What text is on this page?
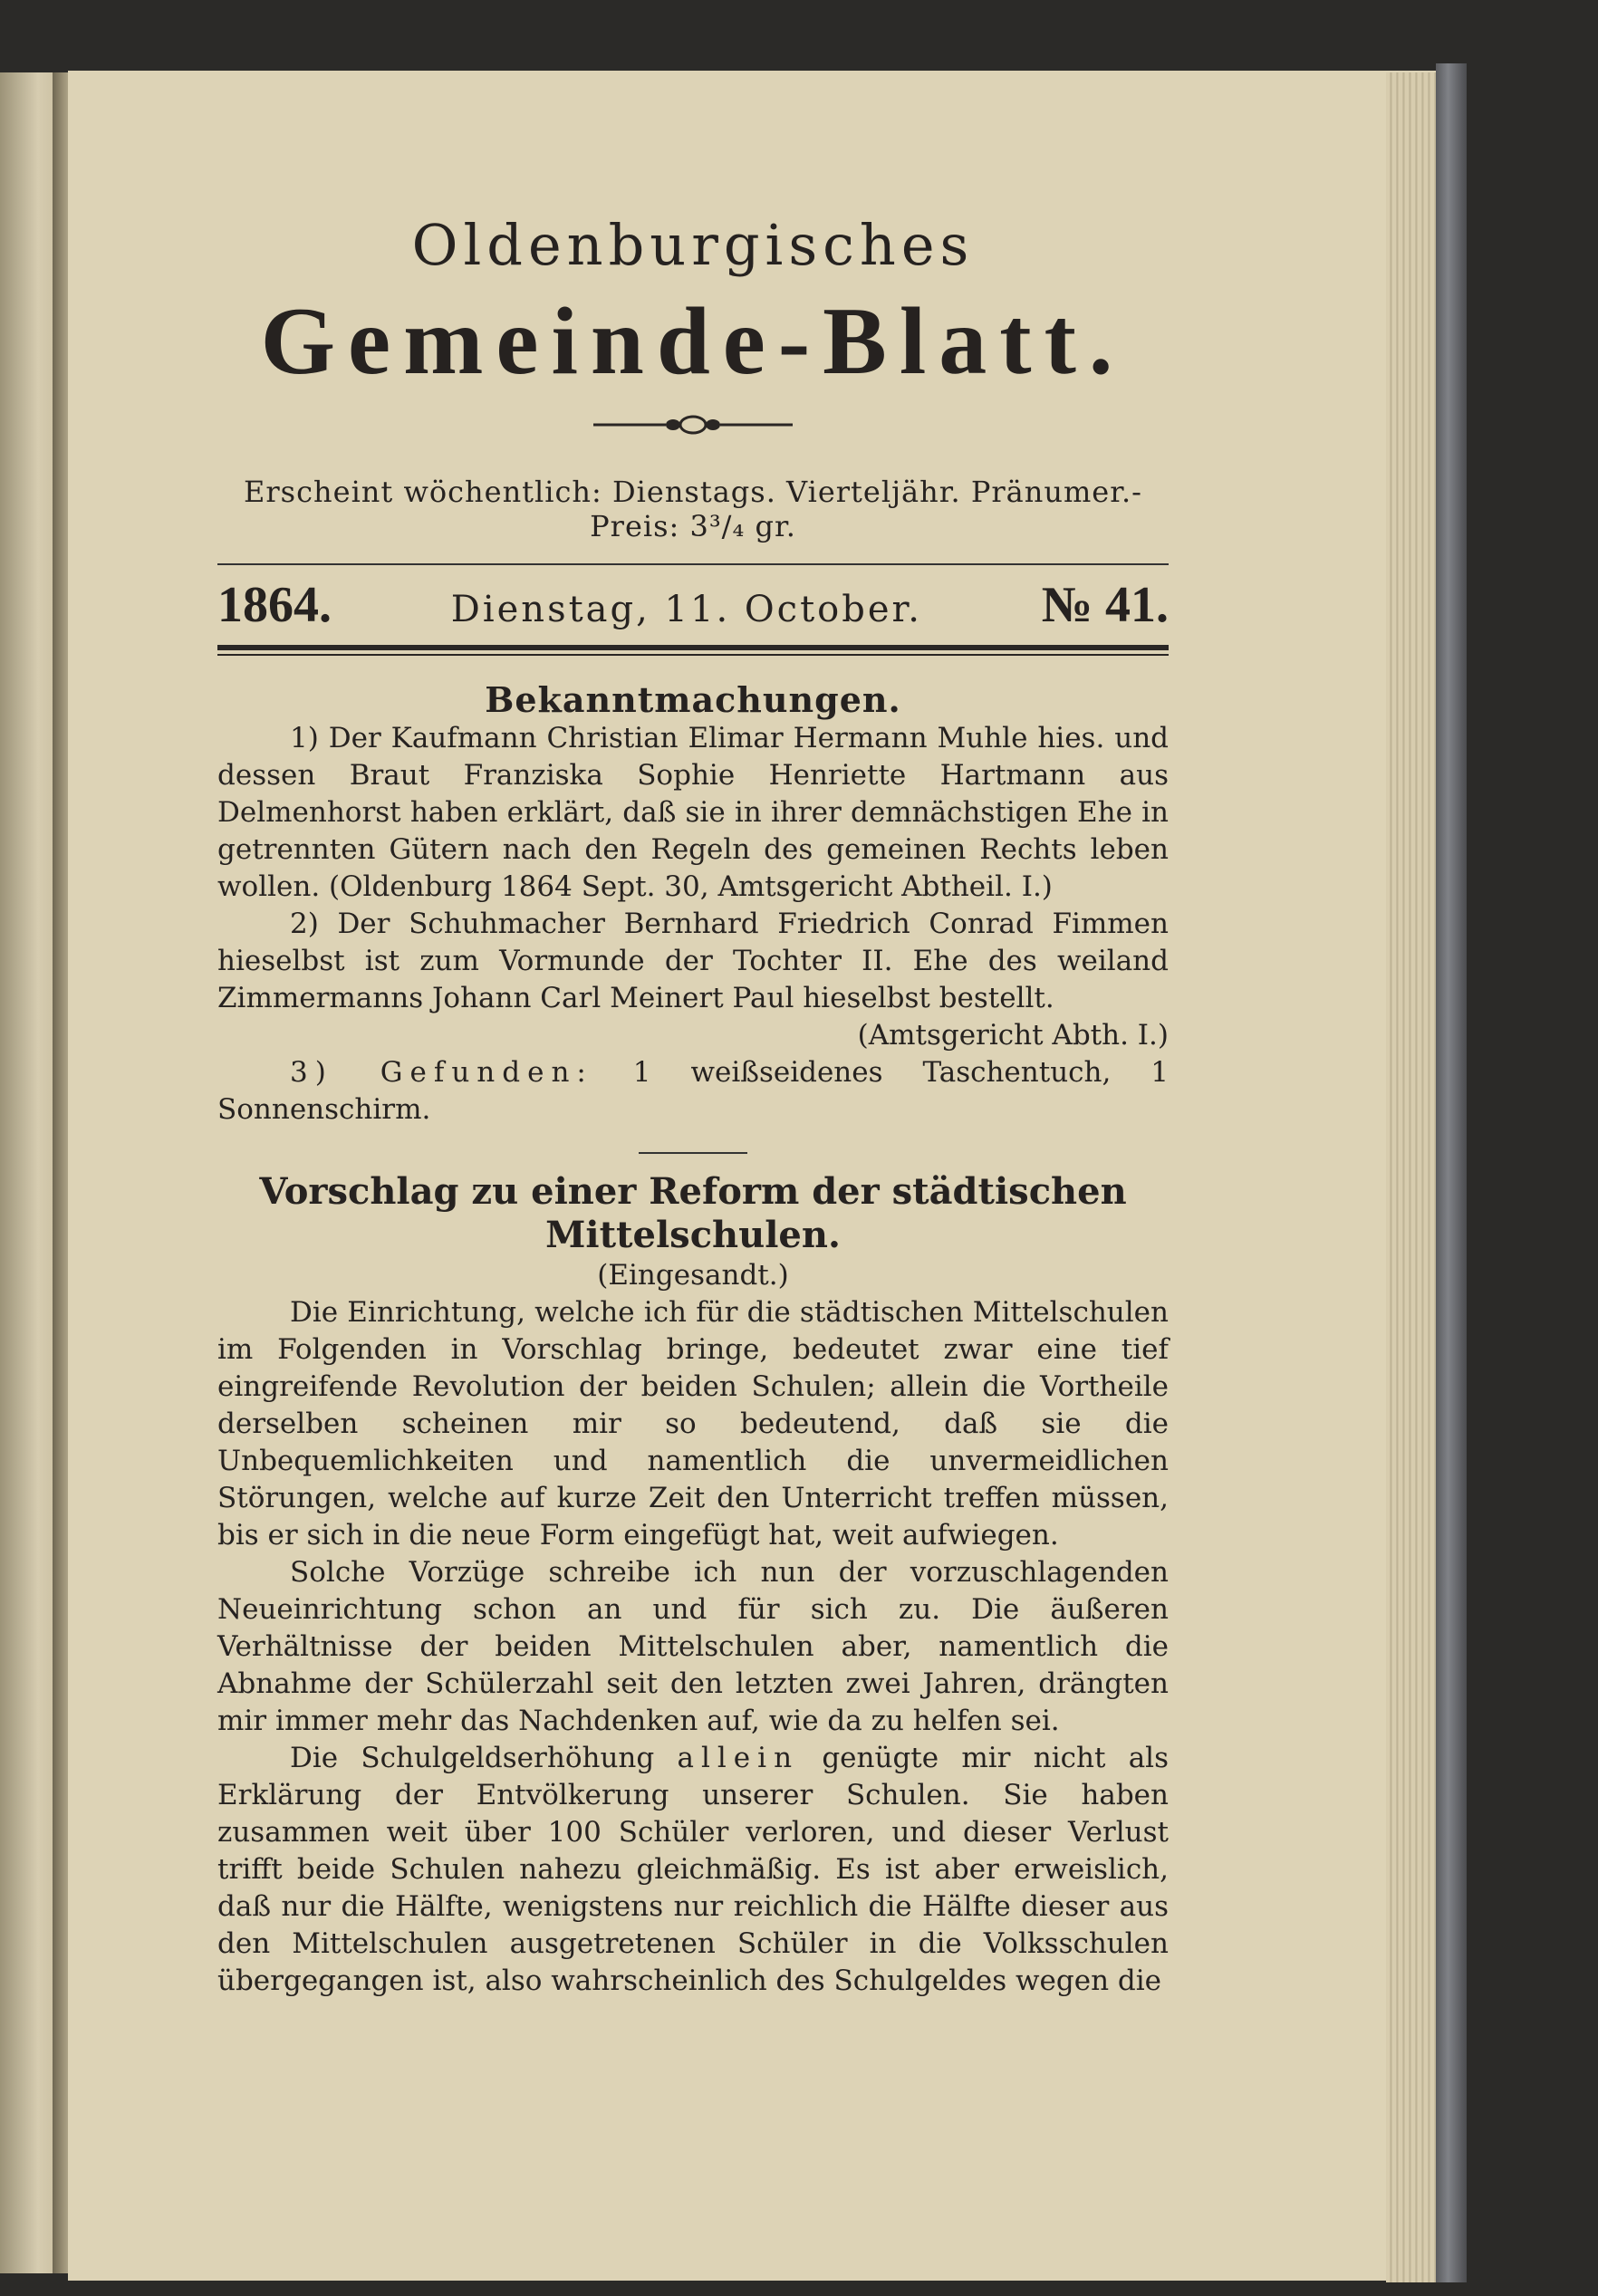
Oldenburgisches
Gemeinde-Blatt.
Erscheint wöchentlich: Dienstags. Vierteljähr. Pränumer.-Preis: 3³/₄ gr.
1864.	Dienstag, 11. October. № 41.
Bekanntmachungen.

1) Der Kaufmann Christian Elimar Hermann Muhle hies. und dessen Braut Franziska Sophie Henriette Hartmann aus Delmenhorst haben erklärt, daß sie in ihrer demnächstigen Ehe in getrennten Gütern nach den Regeln des gemeinen Rechts leben wollen. (Oldenburg 1864 Sept. 30, Amtsgericht Abtheil. I.)

2) Der Schuhmacher Bernhard Friedrich Conrad Fimmen hieselbst ist zum Vormunde der Tochter II. Ehe des weiland Zimmermanns Johann Carl Meinert Paul hieselbst bestellt.

(Amtsgericht Abth. I.)

3) Gefunden: 1 weißseidenes Taschentuch, 1 Sonnenschirm.

Vorschlag zu einer Reform der städtischen Mittelschulen.
(Eingesandt.)

Die Einrichtung, welche ich für die städtischen Mittelschulen im Folgenden in Vorschlag bringe, bedeutet zwar eine tief eingreifende Revolution der beiden Schulen; allein die Vortheile derselben scheinen mir so bedeutend, daß sie die Unbequemlichkeiten und namentlich die unvermeidlichen Störungen, welche auf kurze Zeit den Unterricht treffen müssen, bis er sich in die neue Form eingefügt hat, weit aufwiegen.

Solche Vorzüge schreibe ich nun der vorzuschlagenden Neueinrichtung schon an und für sich zu. Die äußeren Verhältnisse der beiden Mittelschulen aber, namentlich die Abnahme der Schülerzahl seit den letzten zwei Jahren, drängten mir immer mehr das Nachdenken auf, wie da zu helfen sei.

Die Schulgeldserhöhung allein genügte mir nicht als Erklärung der Entvölkerung unserer Schulen. Sie haben zusammen weit über 100 Schüler verloren, und dieser Verlust trifft beide Schulen nahezu gleichmäßig. Es ist aber erweislich, daß nur die Hälfte, wenigstens nur reichlich die Hälfte dieser aus den Mittelschulen ausgetretenen Schüler in die Volksschulen übergegangen ist, also wahrscheinlich des Schulgeldes wegen die
